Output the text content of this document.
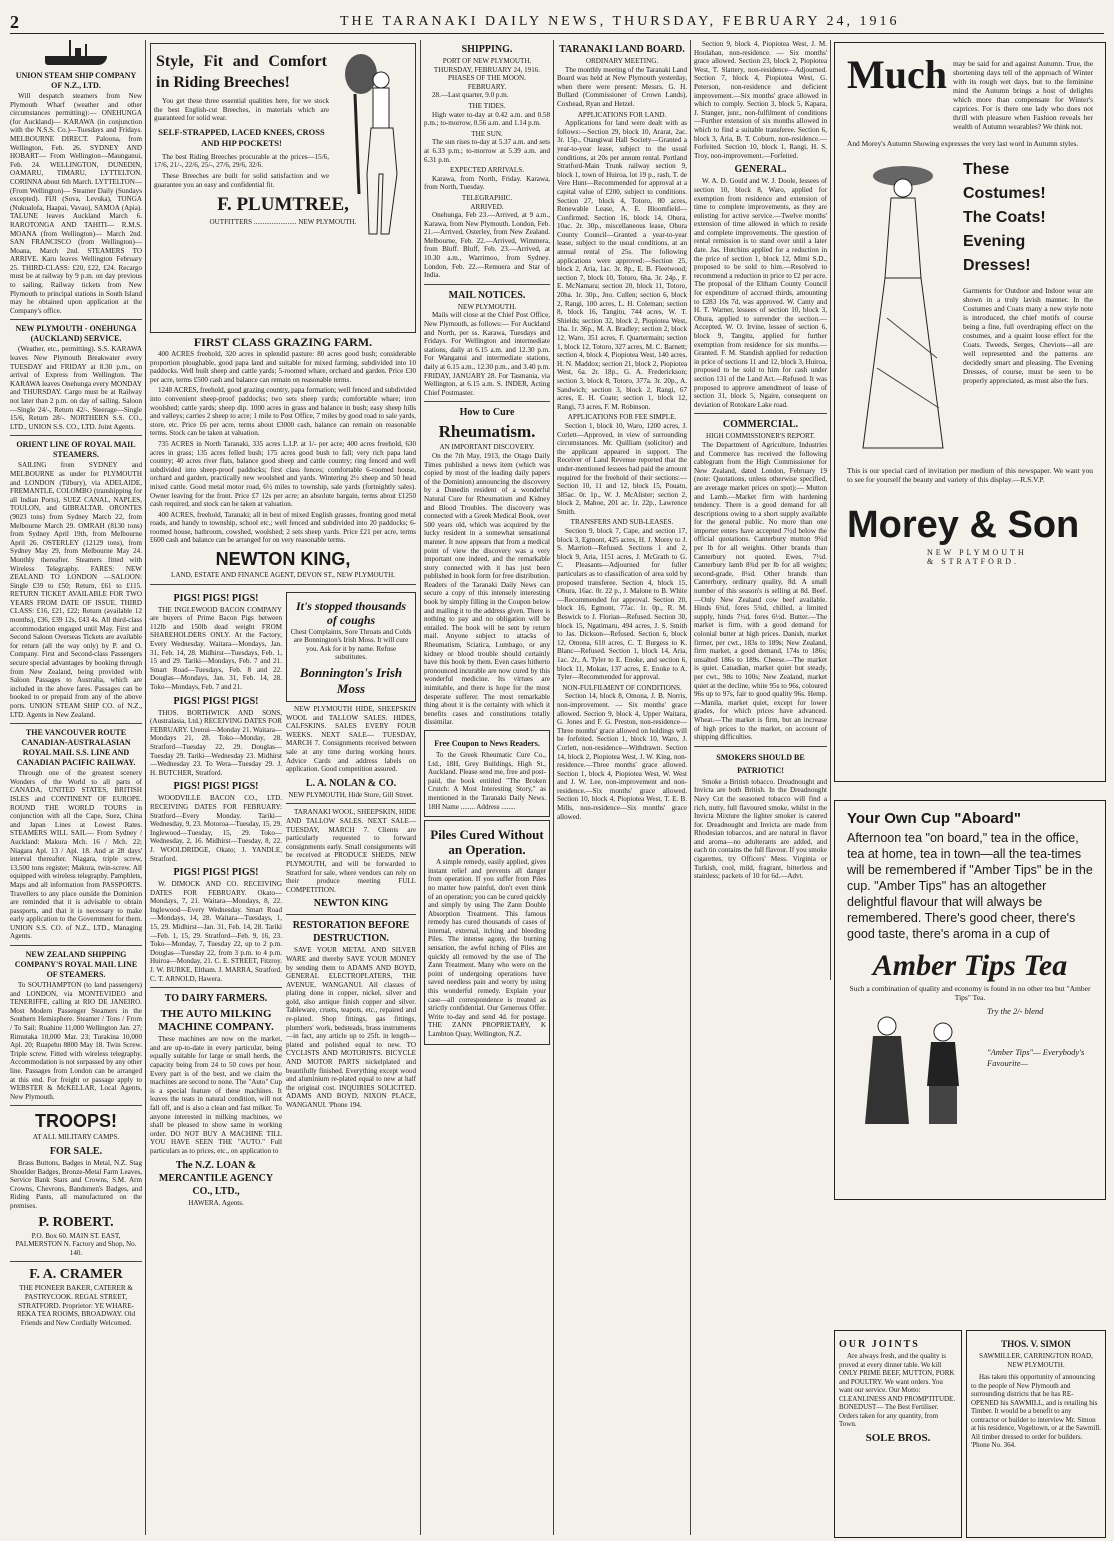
2	THE TARANAKI DAILY NEWS, THURSDAY, FEBRUARY 24, 1916
UNION STEAM SHIP COMPANY OF N.Z., LTD.
Will despatch steamers from New Plymouth Wharf (weather and other circumstances permitting):— ONEHUNGA (for Auckland)— KARAWA (in conjunction with the N.S.S. Co.)—Tuesdays and Fridays. MELBOURNE DIRECT. Paloona, from Wellington, Feb. 26. SYDNEY AND HOBART— From Wellington—Maunganui, Feb. 24. WELLINGTON, DUNEDIN, OAMARU, TIMARU, LYTTELTON. CORINNA about 6th March. LYTTELTON—(From Wellington)— Steamer Daily (Sundays excepted). FIJI (Suva, Levuka), TONGA (Nukualofa, Haapai, Vavau), SAMOA (Apia). TALUNE leaves Auckland March 6. RAROTONGA AND TAHITI— R.M.S. MOANA (from Wellington)— March 2nd. SAN FRANCISCO (from Wellington)— Moana, March 2nd. STEAMERS TO ARRIVE. Karu leaves Wellington February 25. THIRD-CLASS: £20, £22, £24. Recargo must be at railway by 9 p.m. on day previous to sailing. Railway tickets from New Plymouth to principal stations in South Island may be obtained upon application at the Company's office.
NEW PLYMOUTH - ONEHUNGA (AUCKLAND) SERVICE.
(Weather, etc., permitting). S.S. KARAWA leaves New Plymouth Breakwater every TUESDAY and FRIDAY at 8.30 p.m., on arrival of Express from Wellington. The KARAWA leaves Onehunga every MONDAY and THURSDAY. Cargo must be at Railway not later than 2 p.m. on day of sailing. Saloon—Single 24/-, Return 42/-. Steerage—Single 15/6, Return 28/-. NORTHERN S.S. CO., LTD., UNION S.S. CO., LTD. Joint Agents.
ORIENT LINE OF ROYAL MAIL STEAMERS.
SAILING from SYDNEY and MELBOURNE as under for PLYMOUTH and LONDON (Tilbury), via ADELAIDE, FREMANTLE, COLOMBO (transhipping for all Indian Ports), SUEZ CANAL, NAPLES, TOULON, and GIBRALTAR. ORONTES (9023 tons) from Sydney March 22, from Melbourne March 29. OMRAH (8130 tons) from Sydney April 19th, from Melbourne April 26. OSTERLEY (12129 tons), from Sydney May 29, from Melbourne May 24. Monthly thereafter. Steamers fitted with Wireless Telegraphy. FARES: NEW ZEALAND TO LONDON —SALOON: Single £39 to £50; Return, £61 to £115. RETURN TICKET AVAILABLE FOR TWO YEARS FROM DATE OF ISSUE. THIRD CLASS: £16, £21, £22; Return (available 12 months), £36, £39 12s, £43 4s. All third-class accommodation engaged until May. First and Second Saloon Overseas Tickets are available for return (all the way only) by P. and O. Company. First and Second-class Passengers secure special advantages by booking through from New Zealand, being provided with Saloon Passages to Australia, which are included in the above fares. Passages can be booked to or prepaid from any of the above ports. UNION STEAM SHIP CO. of N.Z., LTD. Agents in New Zealand.
THE VANCOUVER ROUTE CANADIAN-AUSTRALASIAN ROYAL MAIL S.S. LINE AND CANADIAN PACIFIC RAILWAY.
Through one of the greatest scenery Wonders of the World to all parts of CANADA, UNITED STATES, BRITISH ISLES and CONTINENT OF EUROPE. ROUND THE WORLD TOURS in conjunction with all the Cape, Suez, China and Japan Lines at Lowest Rates. STEAMERS WILL SAIL— From Sydney / Auckland: Makura Mch. 16 / Mch. 22; Niagara Apl. 13 / Apl. 18. And at 28 days' interval thereafter. Niagara, triple screw, 13,500 tons register; Makura, twin-screw. All equipped with wireless telegraphy. Pamphlets, Maps and all information from PASSPORTS. Travellers to any place outside the Dominion are reminded that it is advisable to obtain passports, and that it is necessary to make early application to the Government for them. UNION S.S. CO. of N.Z., LTD., Managing Agents.
NEW ZEALAND SHIPPING COMPANY'S ROYAL MAIL LINE OF STEAMERS.
To SOUTHAMPTON (to land passengers) and LONDON, via MONTEVIDEO and TENERIFFE, calling at RIO DE JANEIRO. Most Modern Passenger Steamers in the Southern Hemisphere. Steamer / Tons / From / To Sail: Ruahine 11,000 Wellington Jan. 27; Rimutaka 10,000 Mar. 23; Turakina 10,000 Apl. 20; Ruapehu 8800 May 18. Twin Screw. Triple screw. Fitted with wireless telegraphy. Accommodation is not surpassed by any other line. Passages from London can be arranged at this end. For freight or passage apply to WEBSTER & McKELLAR, Local Agents, New Plymouth.
TROOPS!
AT ALL MILITARY CAMPS.
FOR SALE.
Brass Buttons, Badges in Metal, N.Z. Stag Shoulder Badges, Bronze-Metal Farm Leaves, Service Bank Stars and Crowns, S.M. Arm Crowns, Chevrons, Bandsmen's Badges, and Riding Pants, all manufactured on the premises.
P. ROBERT.
P.O. Box 60. MAIN ST. EAST, PALMERSTON N. Factory and Shop, No. 140.
F. A. CRAMER
THE PIONEER BAKER, CATERER & PASTRYCOOK. REGAL STREET, STRATFORD. Proprietor: YE WHARE-REKA TEA ROOMS, BROADWAY. Old Friends and New Cordially Welcomed.
Style, Fit and Comfort in Riding Breeches!
You get these three essential qualities here, for we stock the best English-cut Breeches, in materials which are guaranteed for solid wear.
SELF-STRAPPED, LACED KNEES, CROSS AND HIP POCKETS!
The best Riding Breeches procurable at the prices—15/6, 17/6, 21/-, 22/6, 25/-, 27/6, 29/6, 32/6.
These Breeches are built for solid satisfaction and we guarantee you an easy and confidential fit.
F. PLUMTREE,
OUTFITTERS ........................ NEW PLYMOUTH.
FIRST CLASS GRAZING FARM.
400 ACRES freehold, 320 acres in splendid pasture: 80 acres good bush; considerable proportion ploughable, good papa land and suitable for mixed farming, subdivided into 10 paddocks. Well built sheep and cattle yards; 5-roomed whare, orchard and garden. Price £30 per acre, terms £500 cash and balance can remain on reasonable terms.
1248 ACRES, freehold, good grazing country, papa formation; well fenced and subdivided into convenient sheep-proof paddocks; two sets sheep yards; comfortable whare; iron woolshed; cattle yards; sheep dip. 1000 acres in grass and balance in bush; easy sheep hills and valleys; carries 2 sheep to acre; 1 mile to Post Office, 7 miles by good road to sale yards, store, etc. Price £6 per acre, terms about £3000 cash, balance can remain on reasonable terms. Stock can be taken at valuation.
735 ACRES in North Taranaki, 335 acres L.I.P. at 1/- per acre; 400 acres freehold, 630 acres in grass; 135 acres felled bush; 175 acres good bush to fall; very rich papa land country; 40 acres river flats, balance good sheep and cattle country; ring fenced and well subdivided into sheep-proof paddocks; first class fences; comfortable 6-roomed house, orchard and garden, practically new woolshed and yards. Wintering 2½ sheep and 50 head mixed cattle. Good metal motor road, 6½ miles to township, sale yards (fortnightly sales). Owner leaving for the front. Price £7 12s per acre; an absolute bargain, terms about £1250 cash required, and stock can be taken at valuation.
400 ACRES, freehold, Taranaki; all in best of mixed English grasses, fronting good metal roads, and handy to township, school etc.; well fenced and subdivided into 20 paddocks; 6-roomed house, bathroom, cowshed, woolshed; 2 sets sheep yards. Price £21 per acre, terms £600 cash and balance can be arranged for on very reasonable terms.
NEWTON KING,
LAND, ESTATE AND FINANCE AGENT, DEVON ST., NEW PLYMOUTH.
PIGS! PIGS! PIGS!
THE INGLEWOOD BACON COMPANY are buyers of Prime Bacon Pigs between 112lb and 150lb dead weight FROM SHAREHOLDERS ONLY. At the Factory, Every Wednesday. Waitara—Mondays, Jan. 31, Feb. 14, 28. Midhirst—Tuesdays, Feb. 1, 15 and 29. Tariki—Mondays, Feb. 7 and 21. Smart Road—Tuesdays, Feb. 8 and 22. Douglas—Mondays, Jan. 31, Feb. 14, 28. Toko—Mondays, Feb. 7 and 21.
PIGS! PIGS! PIGS!
THOS. BORTHWICK AND SONS, (Australasia, Ltd.) RECEIVING DATES FOR FEBRUARY. Urenui—Monday 21. Waitara—Mondays 21, 28. Toko—Monday, 28. Stratford—Tuesday 22, 29. Douglas—Tuesday 29. Tariki—Wednesday 23. Midhirst—Wednesday 23. To Wera—Tuesday 29. J. H. BUTCHER, Stratford.
PIGS! PIGS! PIGS!
WOODVILLE BACON CO., LTD. RECEIVING DATES FOR FEBRUARY: Stratford—Every Monday. Tariki—Wednesday, 9, 23. Motoroa—Tuesday, 15, 29. Inglewood—Tuesday, 15, 29. Toko—Wednesday, 2, 16. Midhirst—Tuesday, 8, 22. J. WOOLDRIDGE, Okato; J. YANDLE, Stratford.
PIGS! PIGS! PIGS!
W. DIMOCK AND CO. RECEIVING DATES FOR FEBRUARY. Okato—Mondays, 7, 21. Waitara—Mondays, 8, 22. Inglewood—Every Wednesday. Smart Road—Mondays, 14, 28. Waitara—Tuesdays, 1, 15, 29. Midhirst—Jan. 31, Feb. 14, 28. Tariki—Feb. 1, 15, 29. Stratford—Feb. 9, 16, 23. Toko—Monday, 7, Tuesday 22, up to 2 p.m. Douglas—Tuesday 22, from 3 p.m. to 4 p.m. Huiroa—Monday, 21. C. E. STREET, Fitzroy. J. W. BURKE, Eltham. J. MARRA, Stratford. C. T. ARNOLD, Hawera.
TO DAIRY FARMERS.
THE AUTO MILKING MACHINE COMPANY.
These machines are now on the market, and are up-to-date in every particular, being equally suitable for large or small herds, the capacity being from 24 to 50 cows per hour. Every part is of the best, and we claim the machines are second to none. The "Auto" Cup is a special feature of these machines. It leaves the teats in natural condition, will not fall off, and is also a clean and fast milker. To anyone interested in milking machines, we shall be pleased to show same in working order. DO NOT BUY A MACHINE TILL YOU HAVE SEEN THE "AUTO." Full particulars as to prices, etc., on application to
The N.Z. LOAN & MERCANTILE AGENCY CO., LTD.,
HAWERA. Agents.
It's stopped thousands of coughs
Chest Complaints, Sore Throats and Colds are Bonnington's Irish Moss. It will cure you. Ask for it by name. Refuse substitutes.
Bonnington's Irish Moss
NEW PLYMOUTH HIDE, SHEEPSKIN WOOL and TALLOW SALES. HIDES, CALFSKINS. SALES EVERY FOUR WEEKS. NEXT SALE— TUESDAY, MARCH 7. Consignments received between sale at any time during working hours. Advice Cards and address labels on application. Good competition assured.
L. A. NOLAN & CO.
NEW PLYMOUTH, Hide Store, Gill Street.
TARANAKI WOOL, SHEEPSKIN, HIDE AND TALLOW SALES. NEXT SALE— TUESDAY, MARCH 7. Clients are particularly requested to forward consignments early. Small consignments will be received at PRODUCE SHEDS, NEW PLYMOUTH, and will be forwarded to Stratford for sale, where vendors can rely on their produce meeting FULL COMPETITION.
NEWTON KING
RESTORATION BEFORE DESTRUCTION.
SAVE YOUR METAL AND SILVER WARE and thereby SAVE YOUR MONEY by sending them to ADAMS AND BOYD, GENERAL ELECTROPLATERS, THE AVENUE, WANGANUI. All classes of plating done in copper, nickel, silver and gold, also antique finish copper and silver. Tableware, cruets, teapots, etc., repaired and re-plated. Shop fittings, gas fittings, plumbers' work, bedsteads, brass instruments—in fact, any article up to 25ft. in length—plated and polished equal to new. TO CYCLISTS AND MOTORISTS. BICYCLE AND MOTOR PARTS nickelplated and beautifully finished. Everything except wood and aluminium re-plated equal to new at half the original cost. INQUIRIES SOLICITED. ADAMS AND BOYD, NIXON PLACE, WANGANUI. 'Phone 194.
SHIPPING.
PORT OF NEW PLYMOUTH.
THURSDAY, FEBRUARY 24, 1916.
PHASES OF THE MOON.
FEBRUARY.
28.—Last quarter, 9.0 p.m.
THE TIDES.
High water to-day at 0.42 a.m. and 0.58 p.m.; to-morrow, 0.56 a.m. and 1.14 p.m.
THE SUN.
The sun rises to-day at 5.37 a.m. and sets at 6.33 p.m.; to-morrow at 5.39 a.m. and 6.31 p.m.
EXPECTED ARRIVALS.
Karawa, from North, Friday. Karawa, from North, Tuesday.
TELEGRAPHIC.
ARRIVED.
Onehunga, Feb 23.—Arrived, at 9 a.m., Karawa, from New Plymouth. London, Feb. 21.—Arrived, Osterley, from New Zealand. Melbourne, Feb. 22.—Arrived, Wimmera, from Bluff. Bluff, Feb. 23.—Arrived, at 10.30 a.m., Warrimoo, from Sydney. London, Feb. 22.—Remuera and Star of India.
MAIL NOTICES.
NEW PLYMOUTH.
Mails will close at the Chief Post Office, New Plymouth, as follows:— For Auckland and North, per ss. Karawa, Tuesdays and Fridays. For Wellington and intermediate stations, daily at 6.15 a.m. and 12.30 p.m. For Wanganui and intermediate stations, daily at 6.15 a.m., 12.30 p.m., and 3.40 p.m. FRIDAY, JANUARY 28. For Tasmania, via Wellington, at 6.15 a.m. S. INDER, Acting Chief Postmaster.
How to Cure
Rheumatism.
AN IMPORTANT DISCOVERY.
On the 7th May, 1913, the Otago Daily Times published a news item (which was copied by most of the leading daily papers of the Dominion) announcing the discovery by a Dunedin resident of a wonderful Natural Cure for Rheumatism and Kidney and Blood Troubles. The discovery was connected with a Greek Medical Book, over 500 years old, which was acquired by the lucky resident in a somewhat sensational manner. It now appears that from a medical point of view the discovery was a very important one indeed, and the remarkable story connected with it has just been published in book form for free distribution. Readers of the Taranaki Daily News can secure a copy of this intensely interesting book by simply filling in the Coupon below and mailing it to the address given. There is nothing to pay and no obligation will be entailed. The book will be sent by return mail. Anyone subject to attacks of Rheumatism, Sciatica, Lumbago, or any kidney or blood trouble should certainly have this book by them. Even cases hitherto pronounced incurable are now cured by this wonderful medicine. Its virtues are inimitable, and there is hope for the most desperate sufferer. The most remarkable thing about it is the certainty with which it benefits cases and constitutions totally dissimilar.
Free Coupon to News Readers.
To the Greek Rheumatic Cure Co., Ltd., 18H, Grey Buildings, High St., Auckland. Please send me, free and post-paid, the book entitled "The Broken Crutch: A Most Interesting Story," as mentioned in the Taranaki Daily News. 18H Name ........ Address ........
Piles Cured Without an Operation.
A simple remedy, easily applied, gives instant relief and prevents all danger from operation. If you suffer from Piles no matter how painful, don't even think of an operation; you can be cured quickly and simply by using The Zann Double Absorption Treatment. This famous remedy has cured thousands of cases of internal, external, itching and bleeding Piles. The intense agony, the burning sensation, the awful itching of Piles are quickly all removed by the use of The Zann Treatment. Many who were on the point of undergoing operations have saved needless pain and worry by using this wonderful remedy. Explain your case—all correspondence is treated as strictly confidential. Our Generous Offer. Write to-day and send 4d. for postage. THE ZANN PROPRIETARY, K Lambton Quay, Wellington, N.Z.
TARANAKI LAND BOARD.
ORDINARY MEETING.
The monthly meeting of the Taranaki Land Board was held at New Plymouth yesterday, when there were present: Messrs. G. H. Bullard (Commissioner of Crown Lands), Coxhead, Ryan and Hetzel.
APPLICATIONS FOR LAND.
Applications for land were dealt with as follows:—Section 29, block 10, Ararat, 2ac. 3r. 15p., Otangiwai Hall Society—Granted a year-to-year lease, subject to the usual conditions, at 20s per annum rental. Portland Stratford-Main Trunk railway section 9, block 1, town of Huiroa, lot 19 p., rash, T. de Vere Hunt—Recommended for approval at a capital value of £200, subject to conditions. Section 27, block 4, Totoro, 80 acres, Renewable Lease, A. E. Bloomfield—Confirmed. Section 16, block 14, Ohura, 10ac. 2r. 30p., miscellaneous lease, Ohura County Council—Granted a year-to-year lease, subject to the usual conditions, at an annual rental of 25s. The following applications were approved:—Section 25, block 2, Aria, 1ac. 3r. 8p., E. B. Fleetwood; section 7, block 10, Totoro, 6ha. 3r. 24p., F. E. McNamara; section 20, block 11, Totoro, 20ha. 1r. 30p., Jno. Cullen; section 6, block 2, Rangi, 100 acres, L. H. Coleman; section 8, block 16, Tangitu, 744 acres, W. T. Shields; section 32, block 2, Piopiotea West, 1ha. 1r. 36p., M. A. Bradley; section 2, block 12, Waro, 351 acres, F. Quartermain; section 1, block 12, Totoro, 327 acres, M. C. Barnett; section 4, block 4, Piopiotea West, 140 acres, H. N. Maddox; section 21, block 2, Piopiotea West, 6a. 2r. 18p., G. A. Frederickson; section 3, block 8, Totoro, 377a. 3r. 20p., A. Sandwich; section 3, block 2, Rangi, 67 acres, E. H. Coate; section 1, block 12, Rangi, 73 acres, F. M. Robinson.
APPLICATIONS FOR FEE SIMPLE.
Section 1, block 10, Waro, 1200 acres, J. Corlett—Approved, in view of surrounding circumstances. Mr. Quilliam (solicitor) and the applicant appeared in support. The Receiver of Land Revenue reported that the under-mentioned lessees had paid the amount required for the freehold of their sections:—Section 10, 11 and 12, block 15, Pouatu, 385ac. 0r. 1p., W. J. McAlister; section 2, block 2, Mahoe, 201 ac. 1r. 22p., Lawrence Smith.
TRANSFERS AND SUB-LEASES.
Section 9, block 7, Cape, and section 17, block 3, Egmont, 425 acres, H. J. Morey to J. S. Marriott—Refused. Sections 1 and 2, block 9, Aria, 1151 acres, J. McGrath to G. C. Pleasants—Adjourned for fuller particulars as to classification of area sold by proposed transferee. Section 4, block 15, Ohura, 16ac. 0r. 22 p., J. Malone to B. White—Recommended for approval. Section 20, block 16, Egmont, 77ac. 1r. 0p., R. M. Beswick to J. Florian—Refused. Section 30, block 15, Ngatimaru, 494 acres, J. S. Smith to Jas. Dickson—Refused. Section 6, block 12, Omona, 610 acres, C. T. Burgess to K. Blanc—Refused. Section 1, block 14, Aria, 1ac. 2r., A. Tyler to E. Enoke, and section 6, block 11, Mokau, 137 acres, E. Enoke to A. Tyler—Recommended for approval.
NON-FULFILMENT OF CONDITIONS.
Section 14, block 8, Omona, J. B. Norris, non-improvement. — Six months' grace allowed. Section 9, block 4, Upper Waitara, G. Jones and F. G. Preston, non-residence—Three months' grace allowed on holdings will be forfeited. Section 1, block 10, Waro, J. Corlett, non-residence—Withdrawn. Section 14, block 2, Piopiotea West, J. W. King, non-residence.—Three months' grace allowed. Section 1, block 4, Piopiotea West, W. West and J. W. Lee, non-improvement and non-residence.—Six months' grace allowed. Section 10, block 4, Piopiotea West, T. E. B. Mills, non-residence—Six months' grace allowed.
Section 9, block 4, Piopiotea West, J. M. Houlahan, non-residence. — Six months' grace allowed. Section 23, block 2, Piopiotea West, T. Slattery, non-residence—Adjourned. Section 7, block 4, Piopiotea West, G. Peterson, non-residence and deficient improvement.—Six months' grace allowed in which to comply. Section 3, block 5, Kapara, J. Stanger, junr., non-fulfilment of conditions—Further extension of six months allowed in which to find a suitable transferee. Section 6, block 3, Aria, B. T. Coburn, non-residence.—Forfeited. Section 10, block 1, Rangi, H. S. Troy, non-improvement.—Forfeited.
GENERAL.
W. A. D. Gould and W. J. Doole, lessees of section 10, block 8, Waro, applied for exemption from residence and extension of time to complete improvements, as they are enlisting for active service.—Twelve months' extension of time allowed in which to reside and complete improvements. The question of rental remission is to stand over until a later date. Jas. Hutchins applied for a reduction in the price of section 1, block 12, Mimi S.D., proposed to be sold to him.—Resolved to recommend a reduction in price to £2 per acre. The proposal of the Eltham County Council for expenditure of accrued thirds, amounting to £283 10s 7d, was approved. W. Canty and H. T. Warner, lessees of section 10, block 3, Ohura, applied to surrender the section.—Accepted. W. O. Irvine, lessee of section 6, block 9, Tangitu, applied for further exemption from residence for six months.—Granted. F. M. Standish applied for reduction in price of sections 11 and 12, block 3, Huiroa, proposed to be sold to him for cash under section 131 of the Land Act.—Refused. It was proposed to approve amendment of lease of section 31, block 5, Ngaire, consequent on deviation of Rotokare Lake road.
COMMERCIAL.
HIGH COMMISSIONER'S REPORT.
The Department of Agriculture, Industries and Commerce has received the following cablegram from the High Commissioner for New Zealand, dated London, February 19 (note: Quotations, unless otherwise specified, are average market prices on spot):— Mutton and Lamb.—Market firm with hardening tendency. There is a good demand for all descriptions owing to a short supply available for the general public. No more than one importer enters have accepted 7½d below the official quotations. Canterbury mutton 9¾d per lb for all weights. Other brands than Canterbury not quoted. Ewes, 7½d. Canterbury lamb 8¾d per lb for all weights; second-grade, 8¼d. Other brands than Canterbury, ordinary quality, 8d. A small number of this season's is selling at 8d. Beef.—Only New Zealand cow beef available. Hinds 6¾d, fores 5¾d, chilled, a limited supply, hinds 7½d, fores 6½d. Butter.—The market is firm, with a good demand for colonial butter at high prices. Danish, market firmer, per cwt., 183s to 189s; New Zealand, firm market, a good demand, 174s to 186s; unsalted 186s to 189s. Cheese.—The market is quiet. Canadian, market quiet but steady, per cwt., 98s to 100s; New Zealand, market quiet at the decline, white 95s to 96s, coloured 96s up to 97s, fair to good quality 96s. Hemp.—Manila, market quiet, except for lower grades, for which prices have advanced. Wheat.—The market is firm, but an increase of high prices to the market, on account of shipping difficulties.
SMOKERS SHOULD BE PATRIOTIC!
Smoke a British tobacco. Dreadnought and Invicta are both British. In the Dreadnought Navy Cut the seasoned tobacco will find a rich, nutty, full flavoured smoke, whilst in the Invicta Mixture the lighter smoker is catered for. Dreadnought and Invicta are made from Rhodesian tobaccos, and are natural in flavor and aroma—no adulterants are added, and each tin contains the full flavour. If you smoke cigarettes, try Officers' Mess. Virginia or Turkish, cool, mild, fragrant, bitterless and stainless; packets of 10 for 6d.—Advt.
Much may be said for and against Autumn. True, the shortening days tell of the approach of Winter with its rough wet days, but to the feminine mind the Autumn brings a host of delights which more than compensate for Winter's caprices. For is there one lady who does not thrill with pleasure when Fashion reveals her wealth of Autumn wearables? We think not.
And Morey's Autumn Showing expresses the very last word in Autumn styles.
These Costumes!
The Coats!
Evening Dresses!
Garments for Outdoor and Indoor wear are shown in a truly lavish manner. In the Costumes and Coats many a new style note is introduced, the chief motifs of course being a fine, full overdraping effect on the costumes, and a quaint loose effect for the Coats. Tweeds, Serges, Cheviots—all are well represented and the patterns are decidedly smart and pleasing. The Evening Dresses, of course, must be seen to be properly appreciated, as must also the furs.
This is our special card of invitation per medium of this newspaper. We want you to see for yourself the beauty and variety of this display.—R.S.V.P.
Morey & Son
NEW PLYMOUTH
& STRATFORD.
Your Own Cup "Aboard"
Afternoon tea "on board," tea in the office, tea at home, tea in town—all the tea-times will be remembered if "Amber Tips" be in the cup. "Amber Tips" has an altogether delightful flavour that will always be remembered. There's good cheer, there's good taste, there's aroma in a cup of
Amber Tips Tea
Such a combination of quality and economy is found in no other tea but "Amber Tips" Tea.
Try the 2/- blend
"Amber Tips"— Everybody's Favourite—
OUR JOINTS
Are always fresh, and the quality is proved at every dinner table. We kill ONLY PRIME BEEF, MUTTON, PORK and POULTRY. We want orders. You want our service. Our Motto: CLEANLINESS AND PROMPTITUDE. BONEDUST— The Best Fertiliser. Orders taken for any quantity, from Town.
SOLE BROS.
THOS. V. SIMON
SAWMILLER, CARRINGTON ROAD, NEW PLYMOUTH.
Has taken this opportunity of announcing to the people of New Plymouth and surrounding districts that he has RE-OPENED his SAWMILL, and is retailing his Timber. It would be a benefit to any contractor or builder to interview Mr. Simon at his residence, Vogeltown, or at the Sawmill. All timber dressed to order for builders. 'Phone No. 364.
